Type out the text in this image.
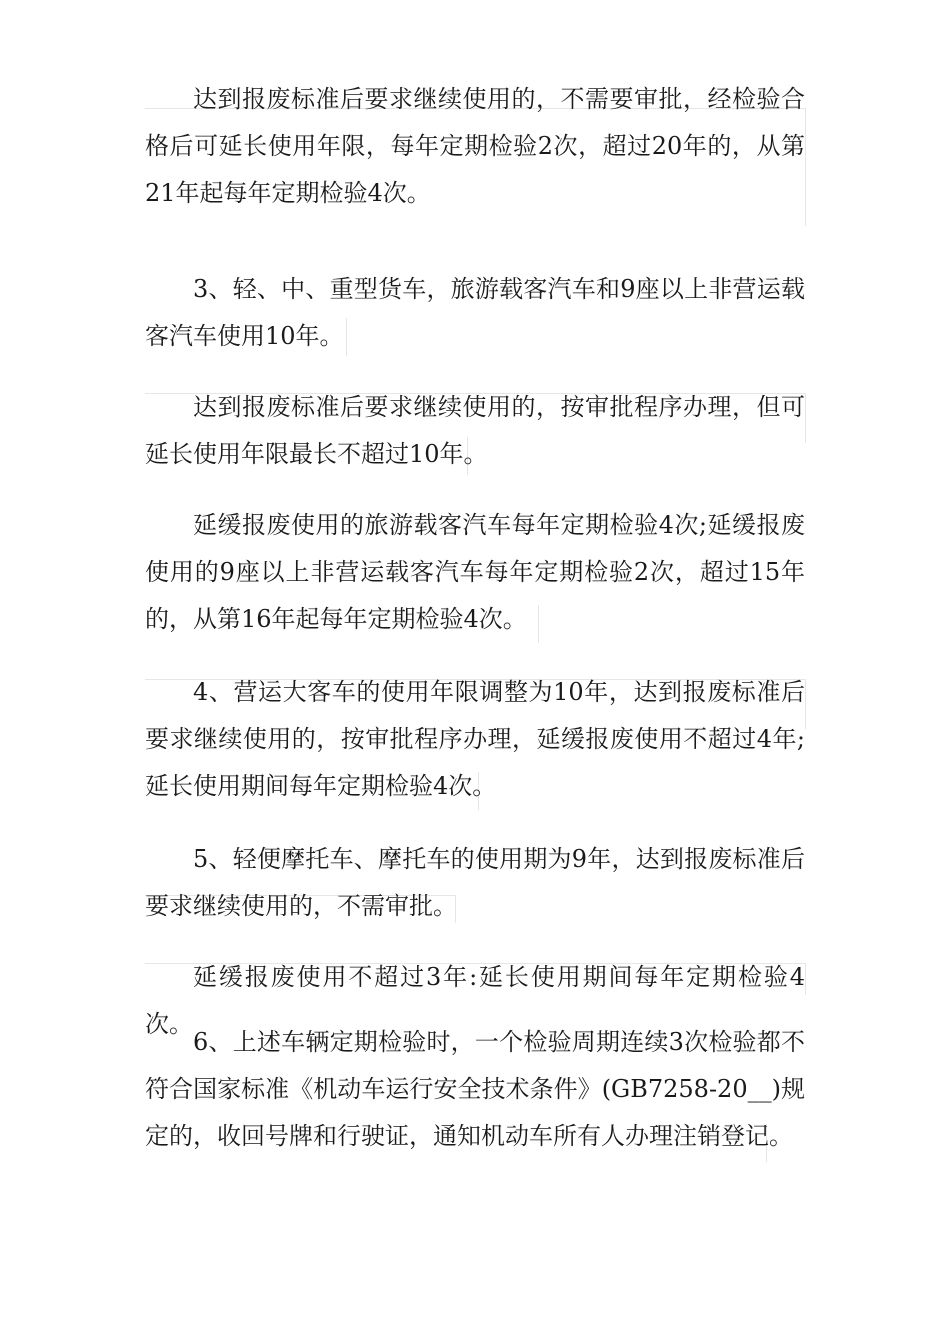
达到报废标准后要求继续使用的，不需要审批，经检验合格后可延长使用年限，每年定期检验2次，超过20年的，从第21年起每年定期检验4次。

3、轻、中、重型货车，旅游载客汽车和9座以上非营运载客汽车使用10年。

达到报废标准后要求继续使用的，按审批程序办理，但可延长使用年限最长不超过10年。

延缓报废使用的旅游载客汽车每年定期检验4次;延缓报废使用的9座以上非营运载客汽车每年定期检验2次，超过15年的，从第16年起每年定期检验4次。

4、营运大客车的使用年限调整为10年，达到报废标准后要求继续使用的，按审批程序办理，延缓报废使用不超过4年;延长使用期间每年定期检验4次。

5、轻便摩托车、摩托车的使用期为9年，达到报废标准后要求继续使用的，不需审批。

延缓报废使用不超过3年:延长使用期间每年定期检验4次。

6、上述车辆定期检验时，一个检验周期连续3次检验都不符合国家标准《机动车运行安全技术条件》(GB7258-20__)规定的，收回号牌和行驶证，通知机动车所有人办理注销登记。
